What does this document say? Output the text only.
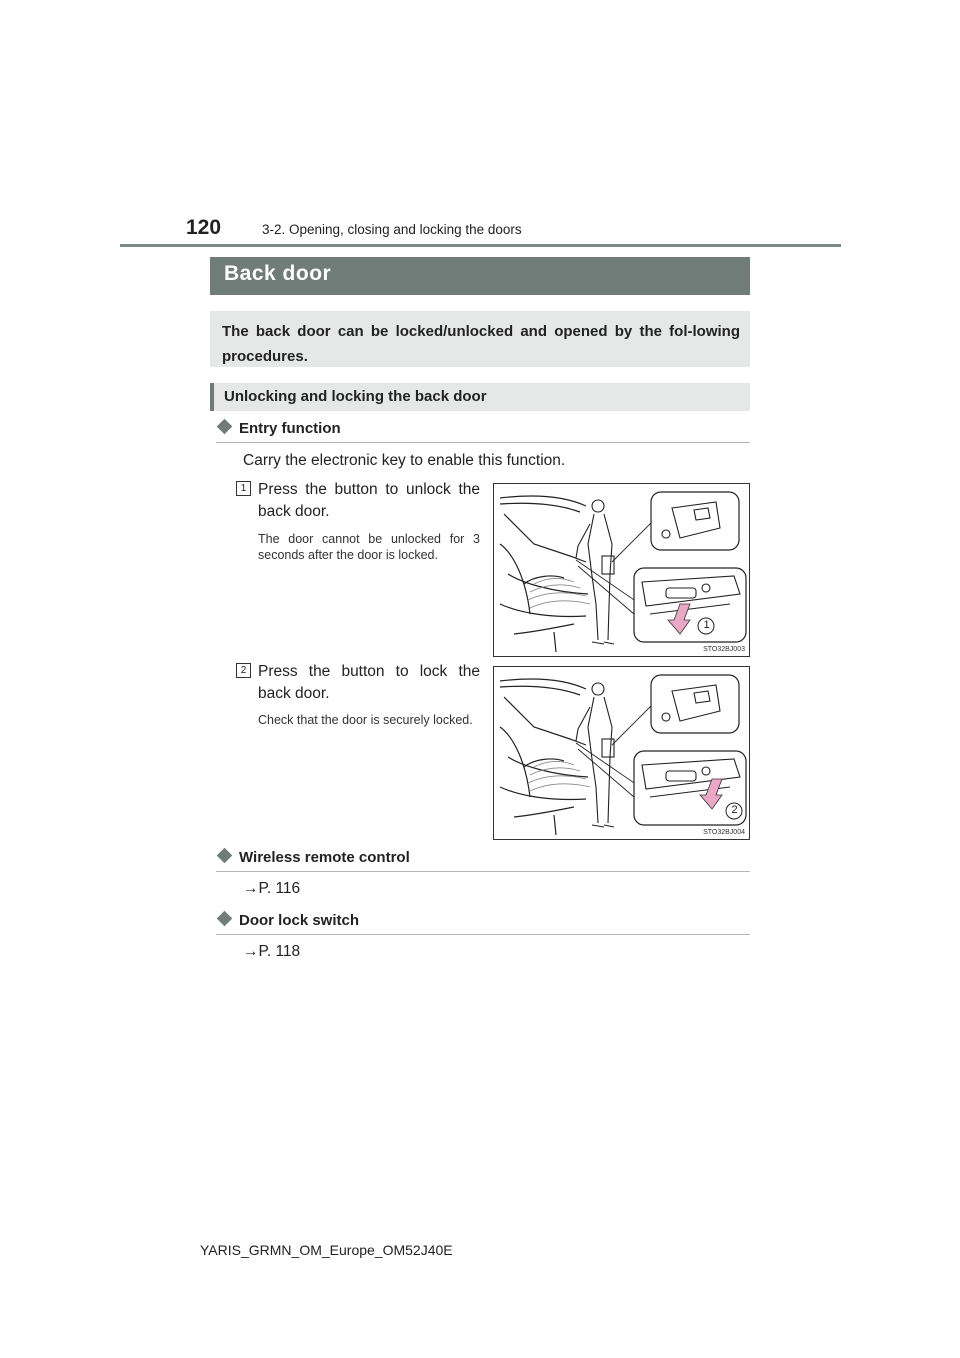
120	3-2. Opening, closing and locking the doors
Back door
The back door can be locked/unlocked and opened by the fol-lowing procedures.
Unlocking and locking the back door
Entry function
Carry the electronic key to enable this function.
1 Press the button to unlock the back door.
The door cannot be unlocked for 3 seconds after the door is locked.
1
STO32BJ003
2 Press the button to lock the back door.
Check that the door is securely locked.
2
STO32BJ004
Wireless remote control
→P. 116
Door lock switch
→P. 118
YARIS_GRMN_OM_Europe_OM52J40E
